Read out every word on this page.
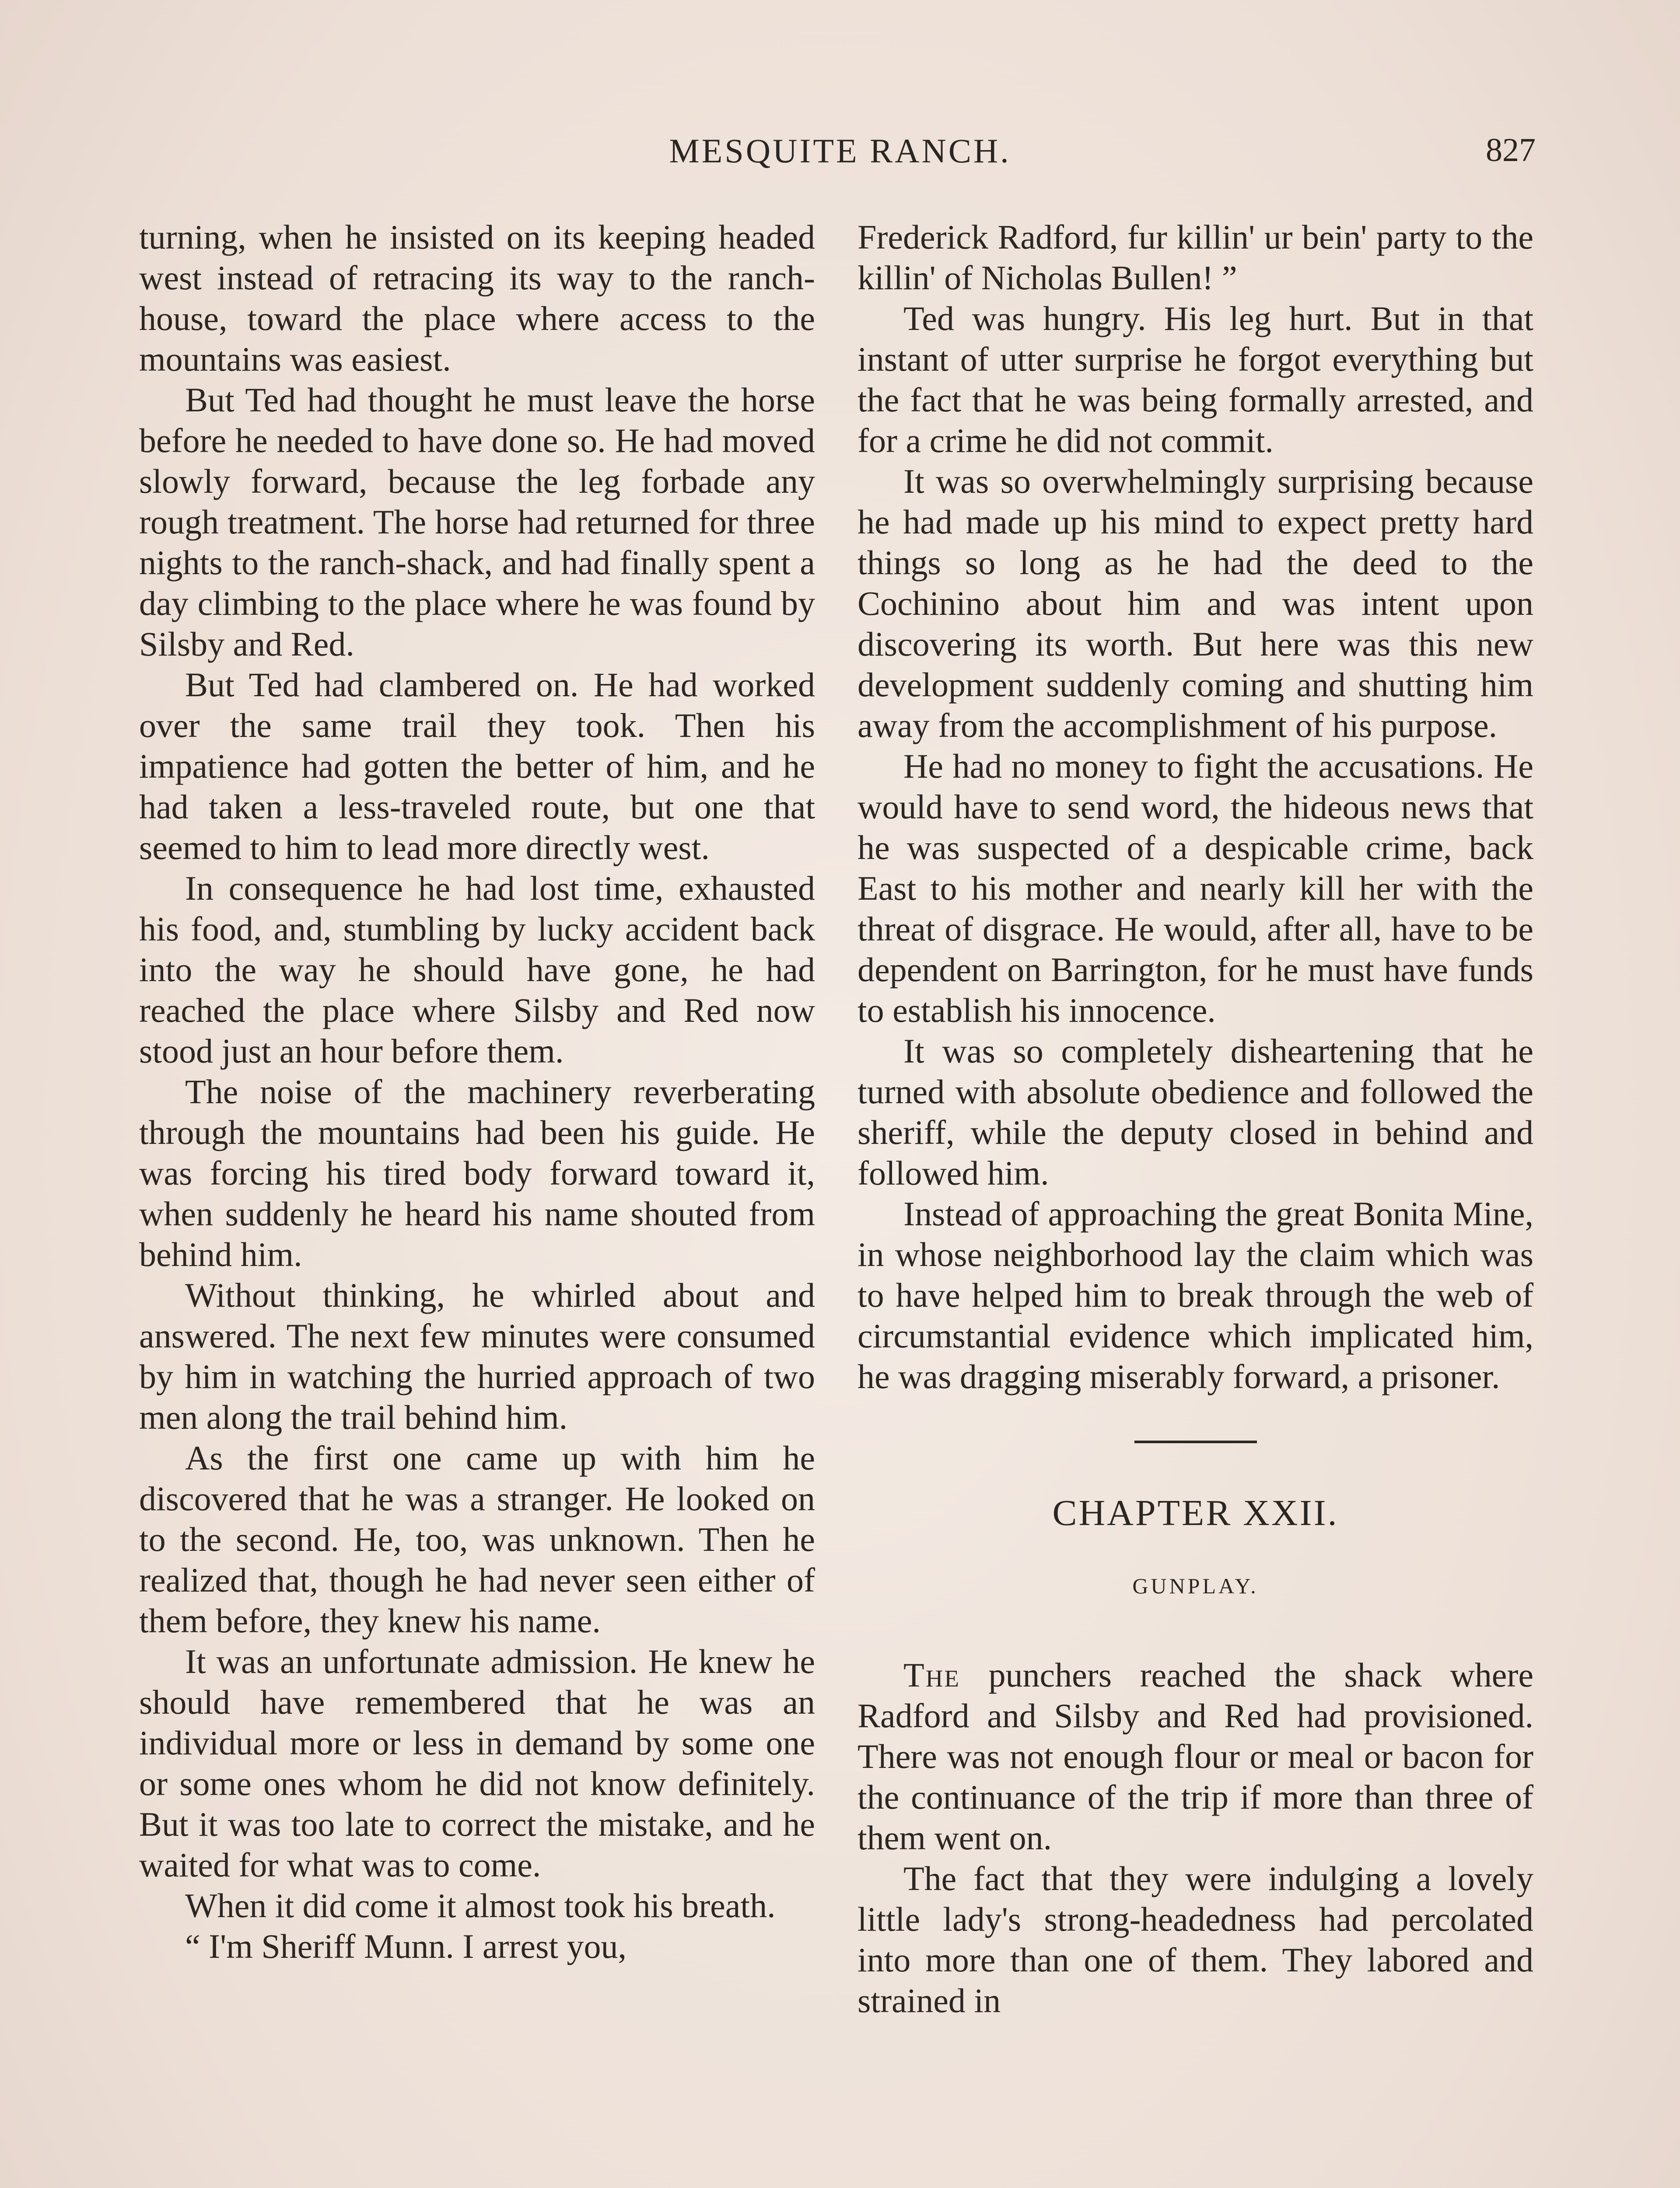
MESQUITE RANCH.	827

turning, when he insisted on its keeping headed west instead of retracing its way to the ranch-house, toward the place where access to the mountains was easiest.

But Ted had thought he must leave the horse before he needed to have done so. He had moved slowly forward, because the leg forbade any rough treatment. The horse had returned for three nights to the ranch-shack, and had finally spent a day climbing to the place where he was found by Silsby and Red.

But Ted had clambered on. He had worked over the same trail they took. Then his impatience had gotten the better of him, and he had taken a less-traveled route, but one that seemed to him to lead more directly west.

In consequence he had lost time, exhausted his food, and, stumbling by lucky accident back into the way he should have gone, he had reached the place where Silsby and Red now stood just an hour before them.

The noise of the machinery reverberating through the mountains had been his guide. He was forcing his tired body forward toward it, when suddenly he heard his name shouted from behind him.

Without thinking, he whirled about and answered. The next few minutes were consumed by him in watching the hurried approach of two men along the trail behind him.

As the first one came up with him he discovered that he was a stranger. He looked on to the second. He, too, was unknown. Then he realized that, though he had never seen either of them before, they knew his name.

It was an unfortunate admission. He knew he should have remembered that he was an individual more or less in demand by some one or some ones whom he did not know definitely. But it was too late to correct the mistake, and he waited for what was to come.

When it did come it almost took his breath.

“ I'm Sheriff Munn. I arrest you,

Frederick Radford, fur killin' ur bein' party to the killin' of Nicholas Bullen! ”

Ted was hungry. His leg hurt. But in that instant of utter surprise he forgot everything but the fact that he was being formally arrested, and for a crime he did not commit.

It was so overwhelmingly surprising because he had made up his mind to expect pretty hard things so long as he had the deed to the Cochinino about him and was intent upon discovering its worth. But here was this new development suddenly coming and shutting him away from the accomplishment of his purpose.

He had no money to fight the accusations. He would have to send word, the hideous news that he was suspected of a despicable crime, back East to his mother and nearly kill her with the threat of disgrace. He would, after all, have to be dependent on Barrington, for he must have funds to establish his innocence.

It was so completely disheartening that he turned with absolute obedience and followed the sheriff, while the deputy closed in behind and followed him.

Instead of approaching the great Bonita Mine, in whose neighborhood lay the claim which was to have helped him to break through the web of circumstantial evidence which implicated him, he was dragging miserably forward, a prisoner.

CHAPTER XXII.
GUNPLAY.

The punchers reached the shack where Radford and Silsby and Red had provisioned. There was not enough flour or meal or bacon for the continuance of the trip if more than three of them went on.

The fact that they were indulging a lovely little lady's strong-headedness had percolated into more than one of them. They labored and strained in
